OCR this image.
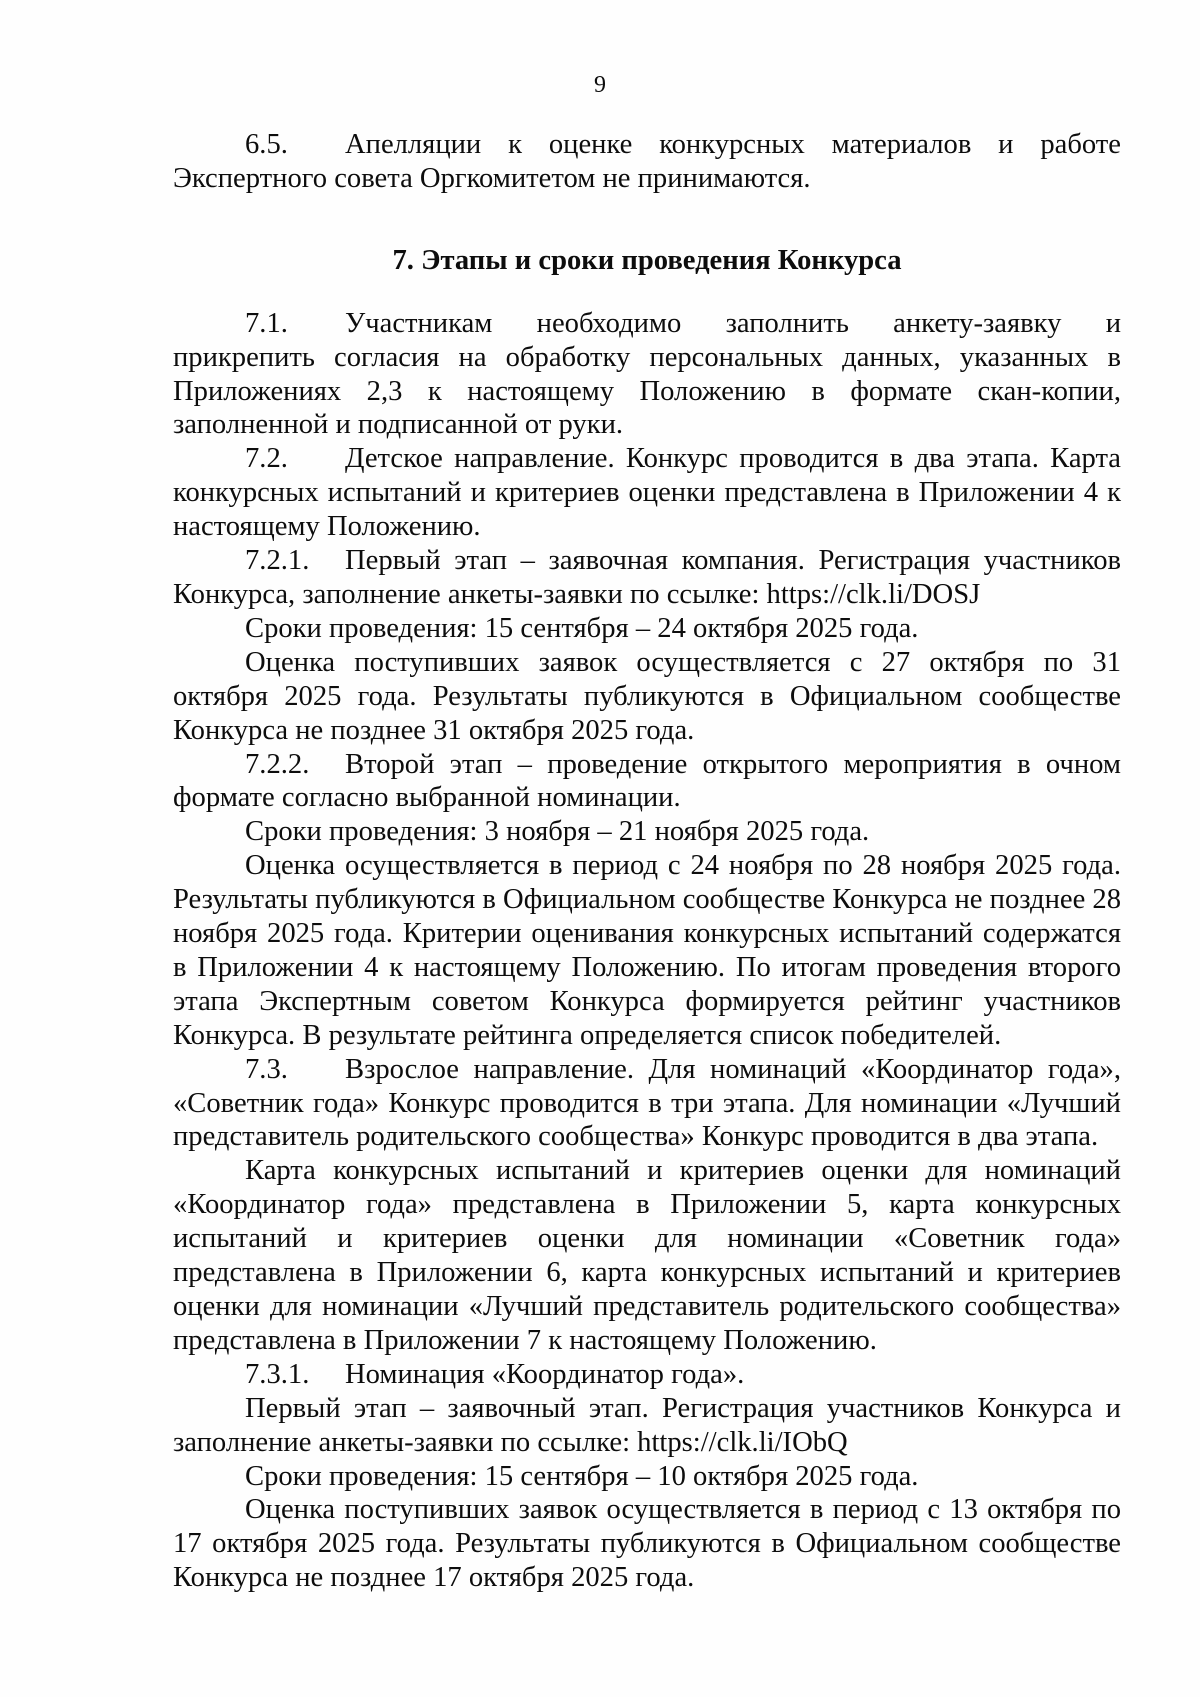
9

6.5. Апелляции к оценке конкурсных материалов и работе Экспертного совета Оргкомитетом не принимаются.

7. Этапы и сроки проведения Конкурса

7.1. Участникам необходимо заполнить анкету-заявку и прикрепить согласия на обработку персональных данных, указанных в Приложениях 2,3 к настоящему Положению в формате скан-копии, заполненной и подписанной от руки.

7.2. Детское направление. Конкурс проводится в два этапа. Карта конкурсных испытаний и критериев оценки представлена в Приложении 4 к настоящему Положению.

7.2.1. Первый этап – заявочная компания. Регистрация участников Конкурса, заполнение анкеты-заявки по ссылке: https://clk.li/DOSJ

Сроки проведения: 15 сентября – 24 октября 2025 года.

Оценка поступивших заявок осуществляется с 27 октября по 31 октября 2025 года. Результаты публикуются в Официальном сообществе Конкурса не позднее 31 октября 2025 года.

7.2.2. Второй этап – проведение открытого мероприятия в очном формате согласно выбранной номинации.

Сроки проведения: 3 ноября – 21 ноября 2025 года.

Оценка осуществляется в период с 24 ноября по 28 ноября 2025 года. Результаты публикуются в Официальном сообществе Конкурса не позднее 28 ноября 2025 года. Критерии оценивания конкурсных испытаний содержатся в Приложении 4 к настоящему Положению. По итогам проведения второго этапа Экспертным советом Конкурса формируется рейтинг участников Конкурса. В результате рейтинга определяется список победителей.

7.3. Взрослое направление. Для номинаций «Координатор года», «Советник года» Конкурс проводится в три этапа. Для номинации «Лучший представитель родительского сообщества» Конкурс проводится в два этапа.

Карта конкурсных испытаний и критериев оценки для номинаций «Координатор года» представлена в Приложении 5, карта конкурсных испытаний и критериев оценки для номинации «Советник года» представлена в Приложении 6, карта конкурсных испытаний и критериев оценки для номинации «Лучший представитель родительского сообщества» представлена в Приложении 7 к настоящему Положению.

7.3.1. Номинация «Координатор года».

Первый этап – заявочный этап. Регистрация участников Конкурса и заполнение анкеты-заявки по ссылке: https://clk.li/IObQ

Сроки проведения: 15 сентября – 10 октября 2025 года.

Оценка поступивших заявок осуществляется в период с 13 октября по 17 октября 2025 года. Результаты публикуются в Официальном сообществе Конкурса не позднее 17 октября 2025 года.
